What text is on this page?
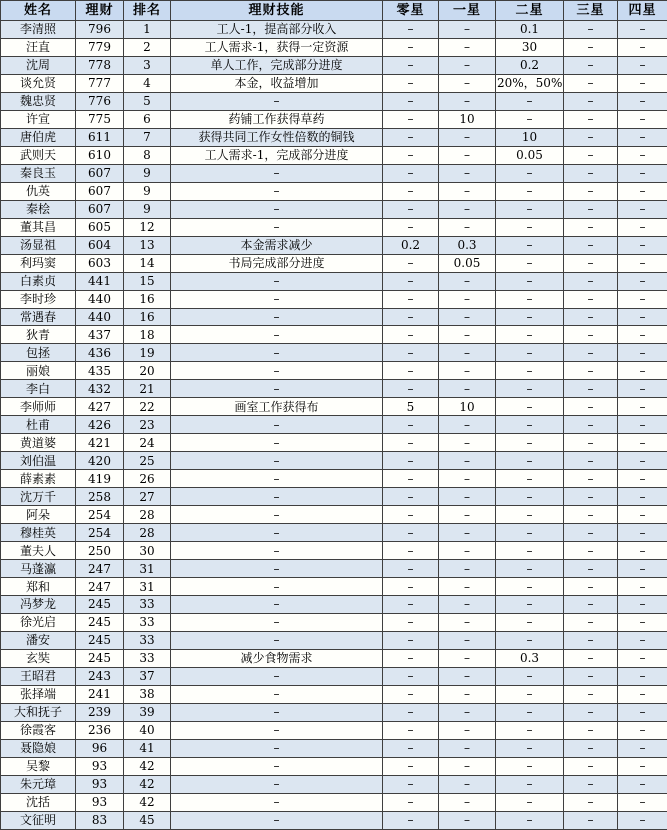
姓名	理财	排名	理财技能	零星	一星	二星	三星	四星
李清照	796	1	工人-1，提高部分收入	–	–	0.1	–	–
汪直	779	2	工人需求-1，获得一定资源	–	–	30	–	–
沈周	778	3	单人工作，完成部分进度	–	–	0.2	–	–
谈允贤	777	4	本金，收益增加	–	–	20%，50%	–	–
魏忠贤	776	5	–	–	–	–	–	–
许宣	775	6	药铺工作获得草药	–	10	–	–	–
唐伯虎	611	7	获得共同工作女性倍数的铜钱	–	–	10	–	–
武则天	610	8	工人需求-1，完成部分进度	–	–	0.05	–	–
秦良玉	607	9	–	–	–	–	–	–
仇英	607	9	–	–	–	–	–	–
秦桧	607	9	–	–	–	–	–	–
董其昌	605	12	–	–	–	–	–	–
汤显祖	604	13	本金需求减少	0.2	0.3	–	–	–
利玛窦	603	14	书局完成部分进度	–	0.05	–	–	–
白素贞	441	15	–	–	–	–	–	–
李时珍	440	16	–	–	–	–	–	–
常遇春	440	16	–	–	–	–	–	–
狄青	437	18	–	–	–	–	–	–
包拯	436	19	–	–	–	–	–	–
丽娘	435	20	–	–	–	–	–	–
李白	432	21	–	–	–	–	–	–
李师师	427	22	画室工作获得布	5	10	–	–	–
杜甫	426	23	–	–	–	–	–	–
黄道婆	421	24	–	–	–	–	–	–
刘伯温	420	25	–	–	–	–	–	–
薛素素	419	26	–	–	–	–	–	–
沈万千	258	27	–	–	–	–	–	–
阿朵	254	28	–	–	–	–	–	–
穆桂英	254	28	–	–	–	–	–	–
董夫人	250	30	–	–	–	–	–	–
马蓬瀛	247	31	–	–	–	–	–	–
郑和	247	31	–	–	–	–	–	–
冯梦龙	245	33	–	–	–	–	–	–
徐光启	245	33	–	–	–	–	–	–
潘安	245	33	–	–	–	–	–	–
玄奘	245	33	减少食物需求	–	–	0.3	–	–
王昭君	243	37	–	–	–	–	–	–
张择端	241	38	–	–	–	–	–	–
大和抚子	239	39	–	–	–	–	–	–
徐霞客	236	40	–	–	–	–	–	–
聂隐娘	96	41	–	–	–	–	–	–
吴黎	93	42	–	–	–	–	–	–
朱元璋	93	42	–	–	–	–	–	–
沈括	93	42	–	–	–	–	–	–
文征明	83	45	–	–	–	–	–	–
